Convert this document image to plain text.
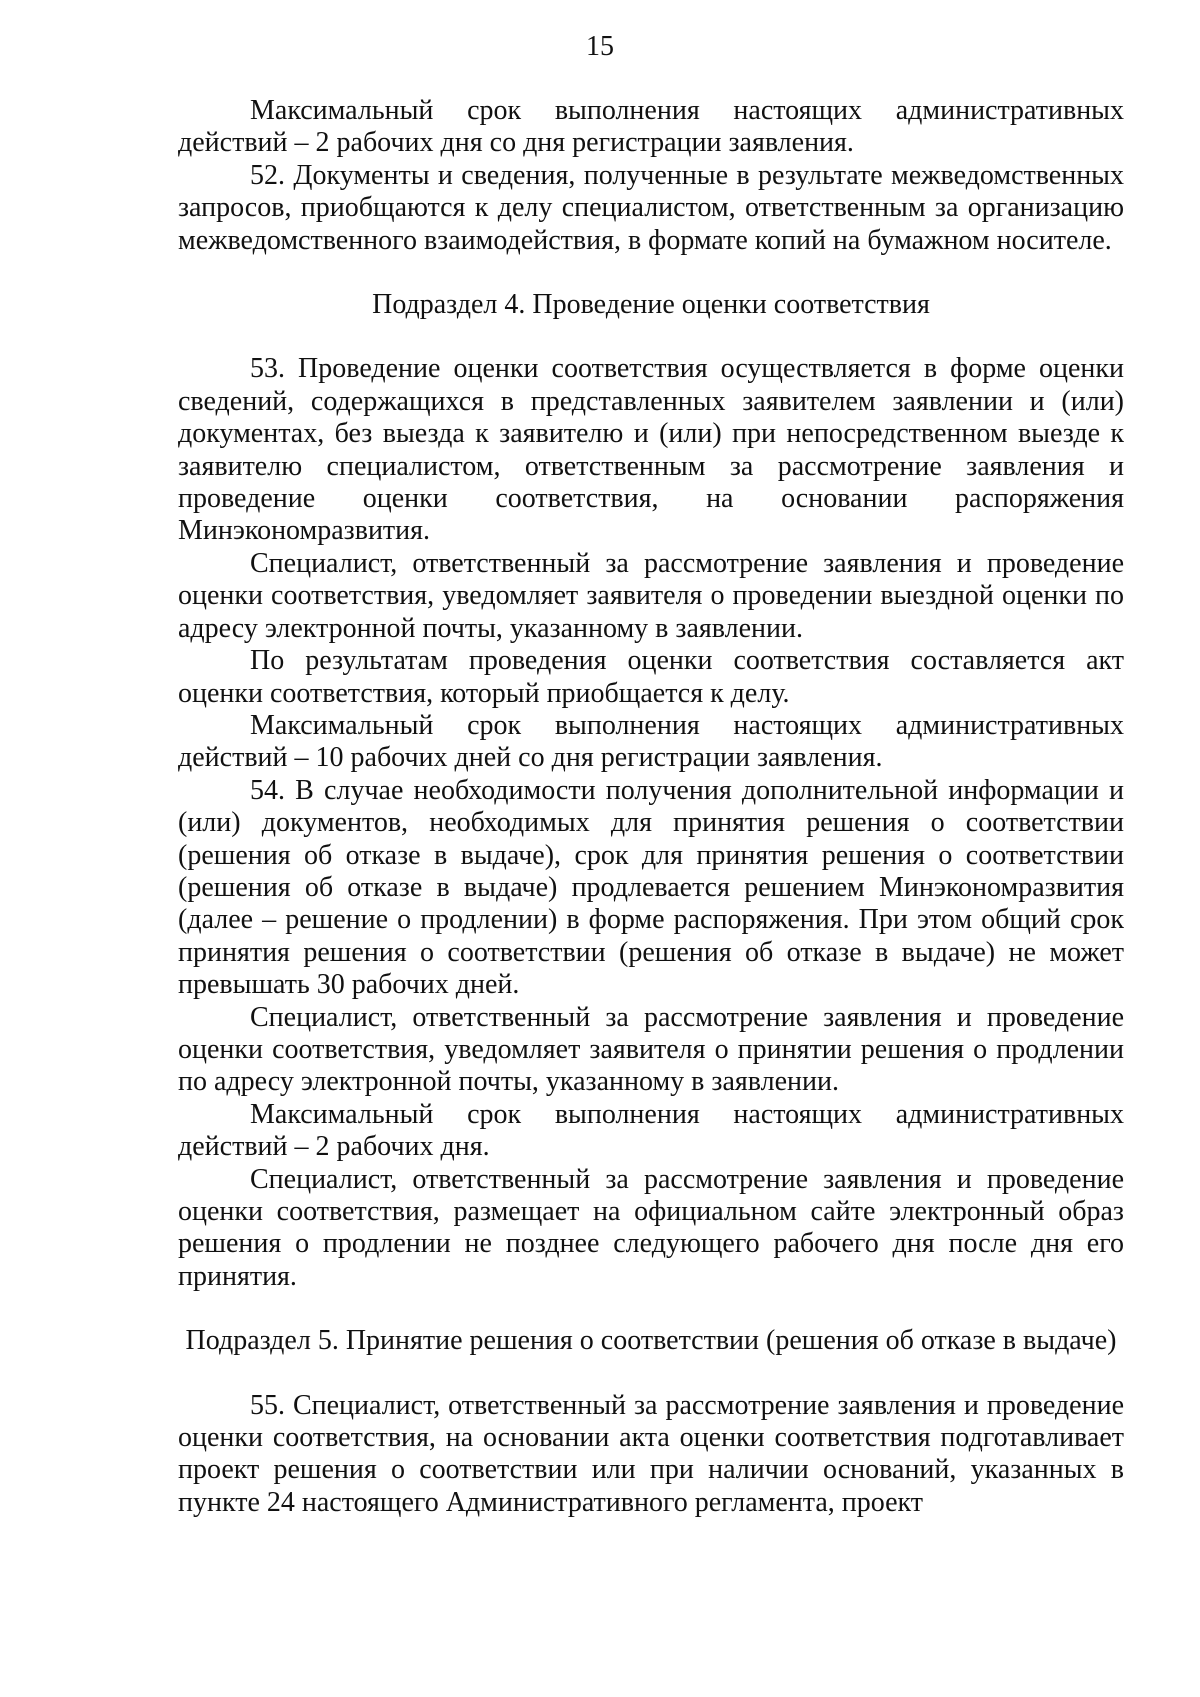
15

Максимальный срок выполнения настоящих административных действий – 2 рабочих дня со дня регистрации заявления.

52. Документы и сведения, полученные в результате межведомственных запросов, приобщаются к делу специалистом, ответственным за организацию межведомственного взаимодействия, в формате копий на бумажном носителе.

Подраздел 4. Проведение оценки соответствия

53. Проведение оценки соответствия осуществляется в форме оценки сведений, содержащихся в представленных заявителем заявлении и (или) документах, без выезда к заявителю и (или) при непосредственном выезде к заявителю специалистом, ответственным за рассмотрение заявления и проведение оценки соответствия, на основании распоряжения Минэкономразвития.

Специалист, ответственный за рассмотрение заявления и проведение оценки соответствия, уведомляет заявителя о проведении выездной оценки по адресу электронной почты, указанному в заявлении.

По результатам проведения оценки соответствия составляется акт оценки соответствия, который приобщается к делу.

Максимальный срок выполнения настоящих административных действий – 10 рабочих дней со дня регистрации заявления.

54. В случае необходимости получения дополнительной информации и (или) документов, необходимых для принятия решения о соответствии (решения об отказе в выдаче), срок для принятия решения о соответствии (решения об отказе в выдаче) продлевается решением Минэкономразвития (далее – решение о продлении) в форме распоряжения. При этом общий срок принятия решения о соответствии (решения об отказе в выдаче) не может превышать 30 рабочих дней.

Специалист, ответственный за рассмотрение заявления и проведение оценки соответствия, уведомляет заявителя о принятии решения о продлении по адресу электронной почты, указанному в заявлении.

Максимальный срок выполнения настоящих административных действий – 2 рабочих дня.

Специалист, ответственный за рассмотрение заявления и проведение оценки соответствия, размещает на официальном сайте электронный образ решения о продлении не позднее следующего рабочего дня после дня его принятия.

Подраздел 5. Принятие решения о соответствии (решения об отказе в выдаче)

55. Специалист, ответственный за рассмотрение заявления и проведение оценки соответствия, на основании акта оценки соответствия подготавливает проект решения о соответствии или при наличии оснований, указанных в пункте 24 настоящего Административного регламента, проект
